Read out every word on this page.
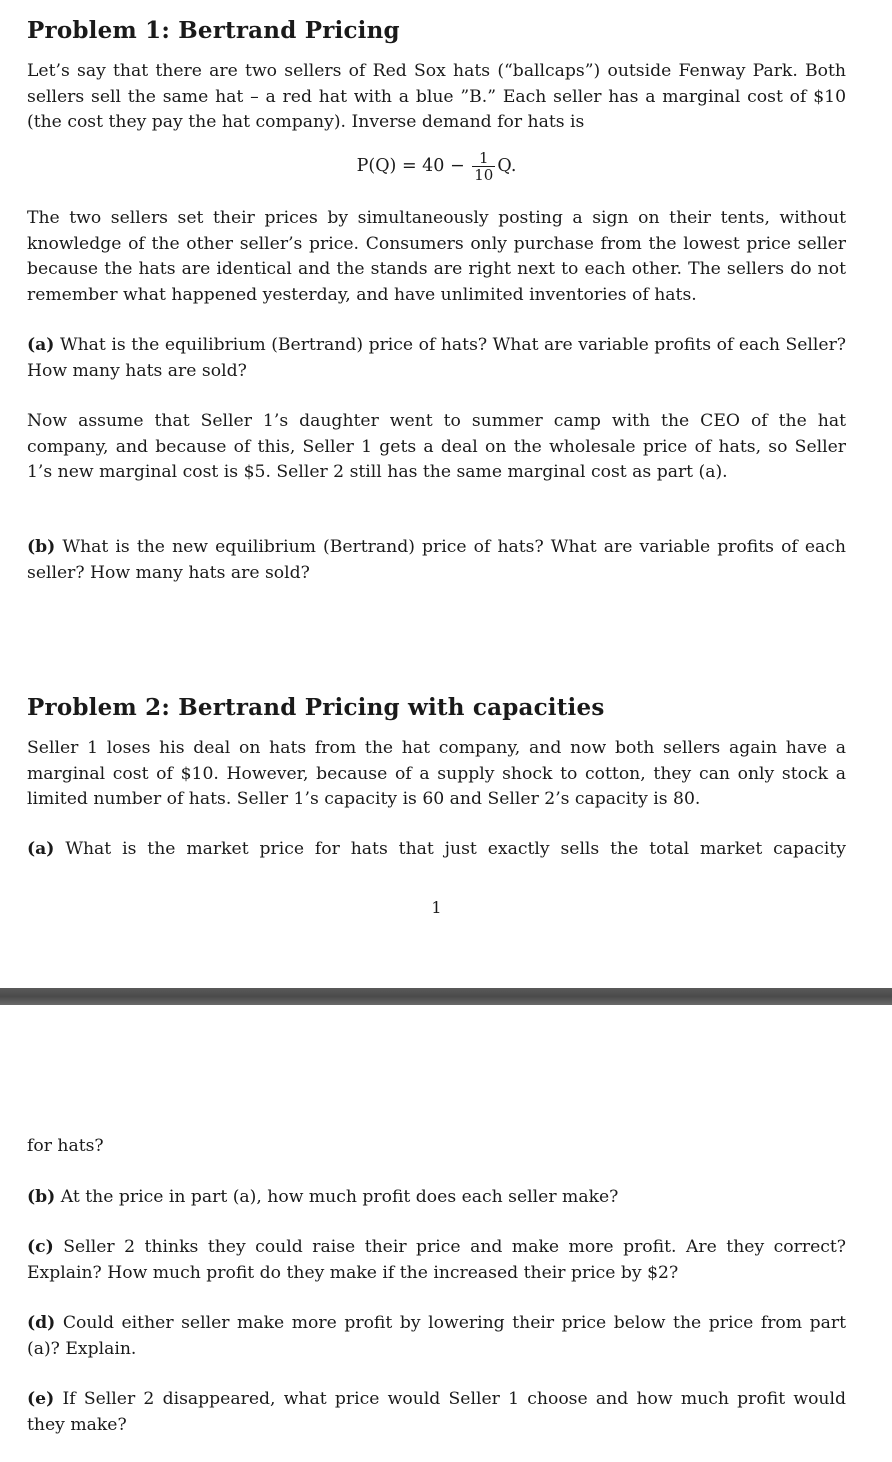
Problem 1: Bertrand Pricing

Let’s say that there are two sellers of Red Sox hats (“ballcaps”) outside Fenway Park. Both sellers sell the same hat – a red hat with a blue ”B.” Each seller has a marginal cost of $10 (the cost they pay the hat company). Inverse demand for hats is

$P(Q) = 40 - \frac{1}{10} Q$.

The two sellers set their prices by simultaneously posting a sign on their tents, without knowledge of the other seller’s price. Consumers only purchase from the lowest price seller because the hats are identical and the stands are right next to each other. The sellers do not remember what happened yesterday, and have unlimited inventories of hats.

(a) What is the equilibrium (Bertrand) price of hats? What are variable profits of each Seller? How many hats are sold?

Now assume that Seller 1’s daughter went to summer camp with the CEO of the hat company, and because of this, Seller 1 gets a deal on the wholesale price of hats, so Seller 1’s new marginal cost is $5. Seller 2 still has the same marginal cost as part (a).

(b) What is the new equilibrium (Bertrand) price of hats? What are variable profits of each seller? How many hats are sold?

Problem 2: Bertrand Pricing with capacities

Seller 1 loses his deal on hats from the hat company, and now both sellers again have a marginal cost of $10. However, because of a supply shock to cotton, they can only stock a limited number of hats. Seller 1’s capacity is 60 and Seller 2’s capacity is 80.

(a) What is the market price for hats that just exactly sells the total market capacity

1

for hats?

(b) At the price in part (a), how much profit does each seller make?

(c) Seller 2 thinks they could raise their price and make more profit. Are they correct? Explain? How much profit do they make if the increased their price by $2?

(d) Could either seller make more profit by lowering their price below the price from part (a)? Explain.

(e) If Seller 2 disappeared, what price would Seller 1 choose and how much profit would they make?
